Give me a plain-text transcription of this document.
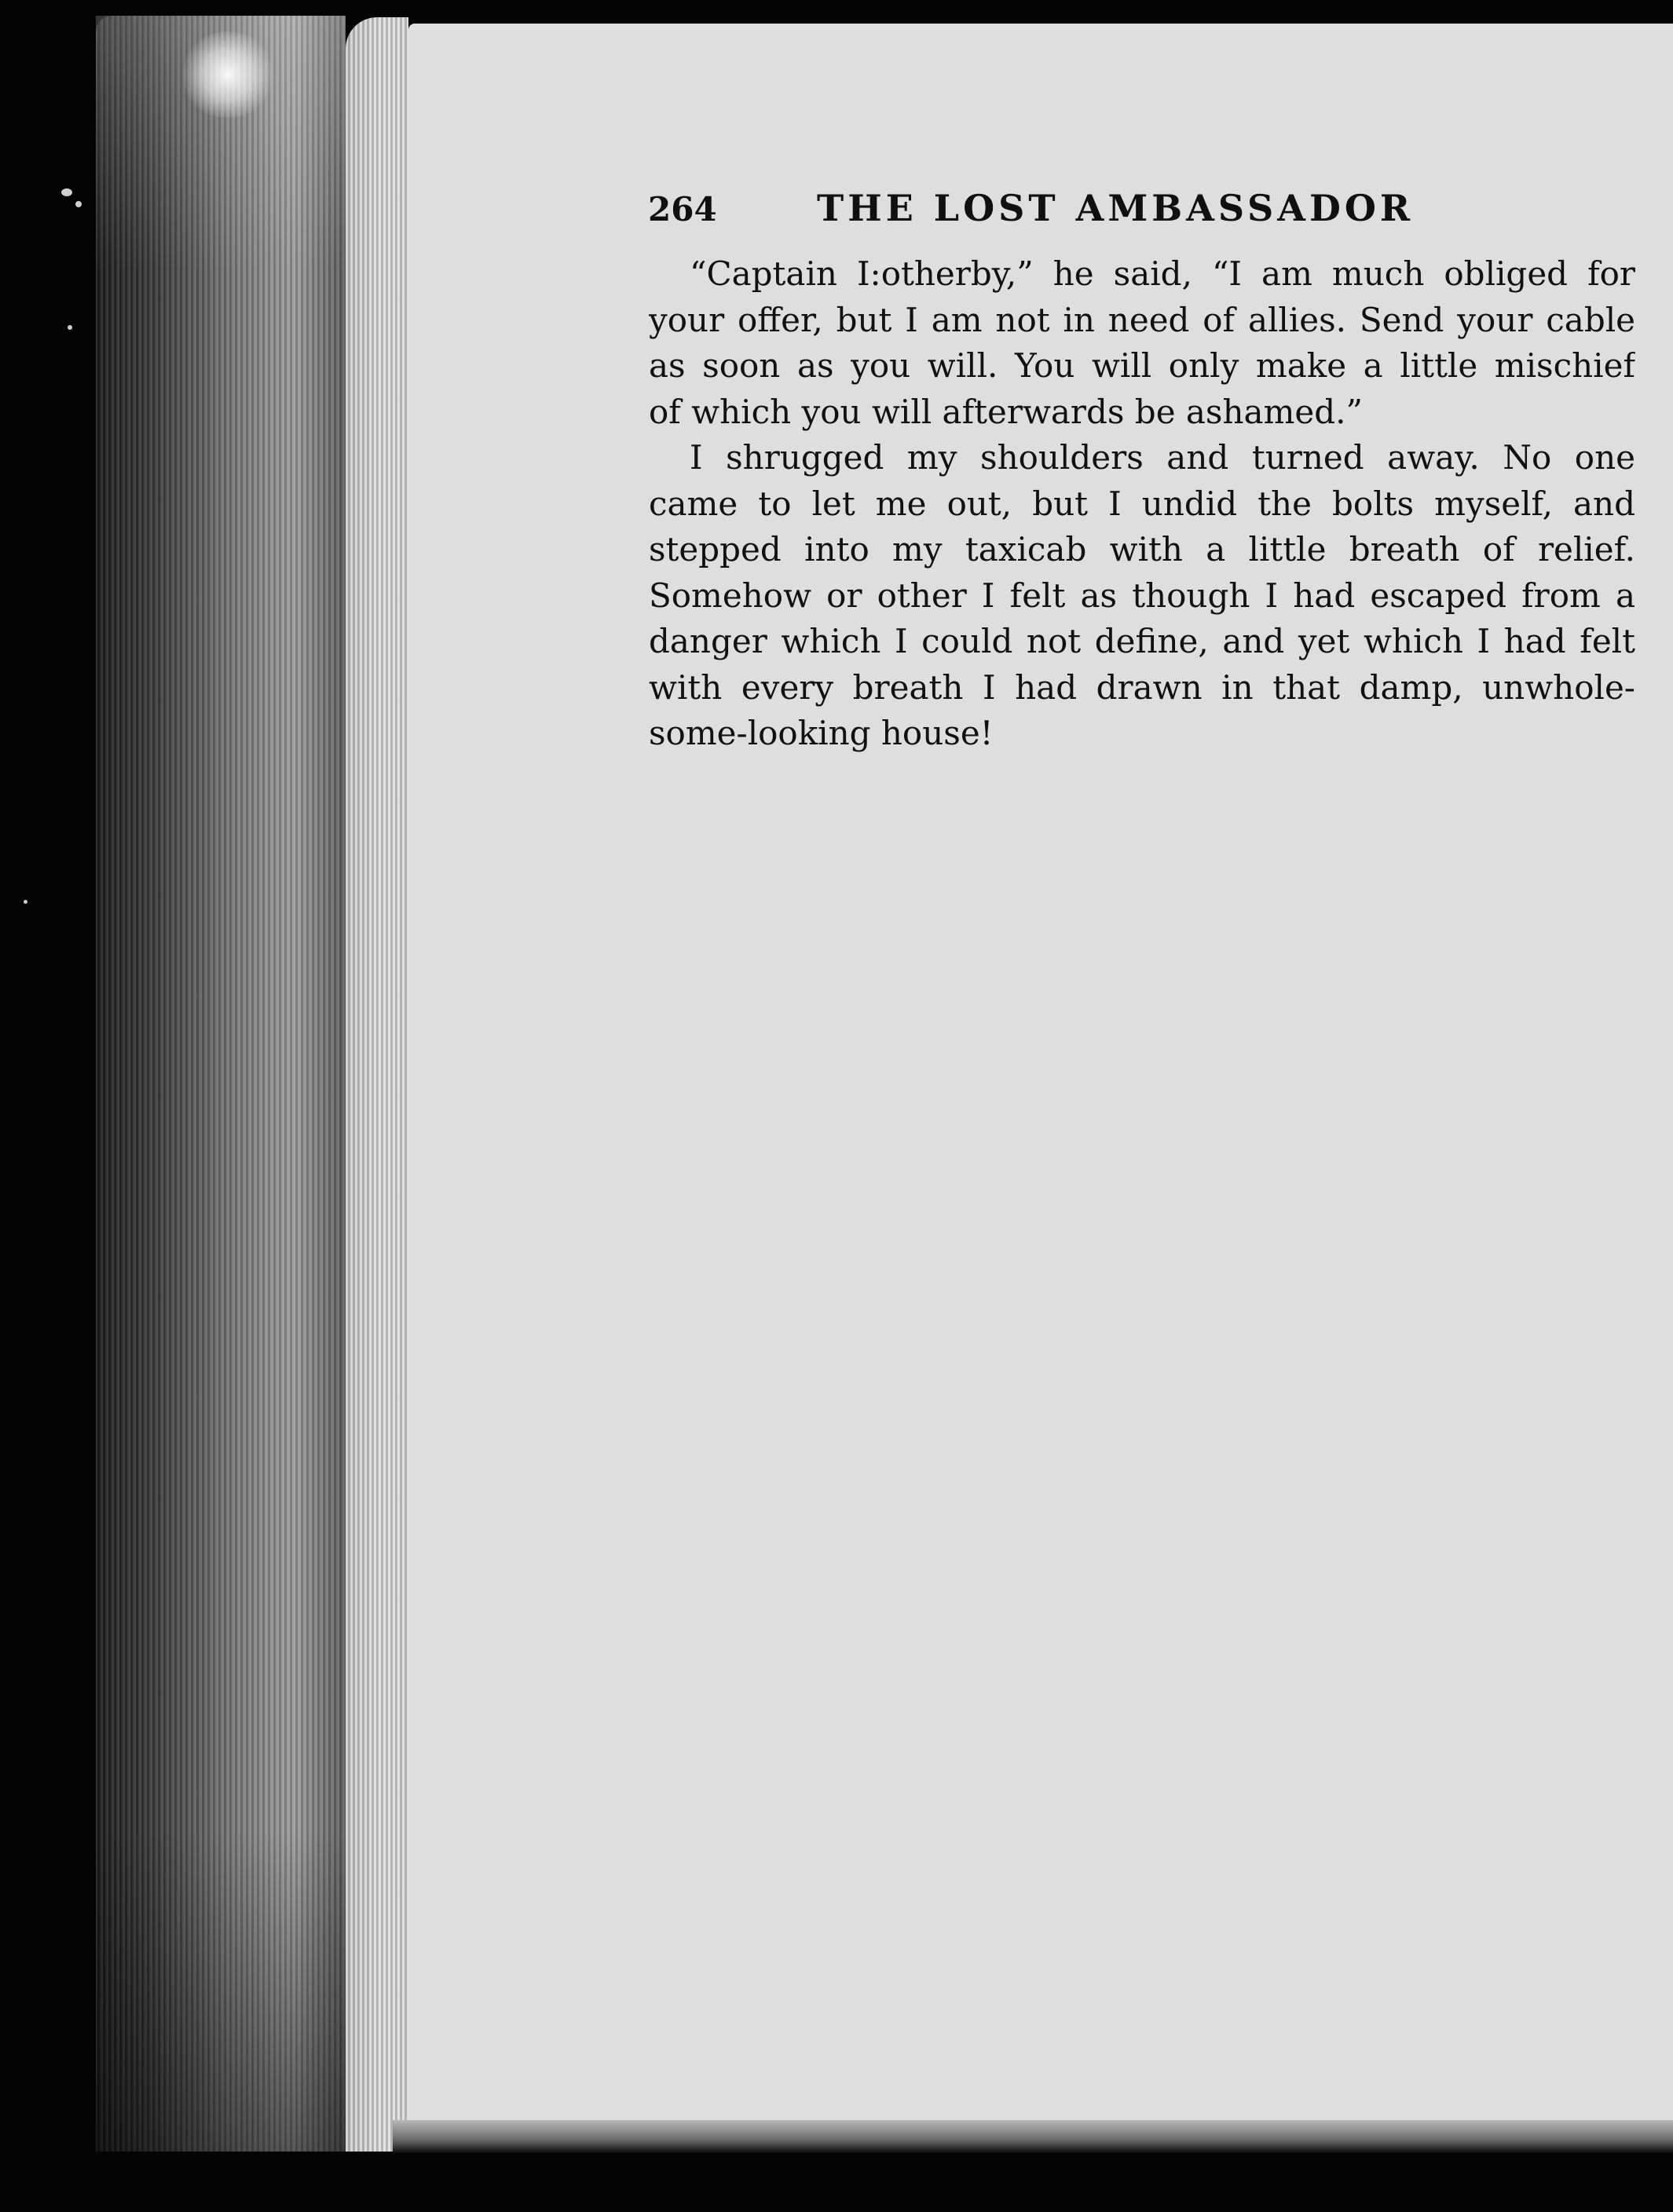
264	THE LOST AMBASSADOR
“Captain I:otherby,” he said, “I am much obliged for
your offer, but I am not in need of allies. Send your cable
as soon as you will. You will only make a little mischief
of which you will afterwards be ashamed.”
I shrugged my shoulders and turned away. No one
came to let me out, but I undid the bolts myself, and
stepped into my taxicab with a little breath of relief.
Somehow or other I felt as though I had escaped from a
danger which I could not define, and yet which I had felt
with every breath I had drawn in that damp, unwhole-
some-looking house!
